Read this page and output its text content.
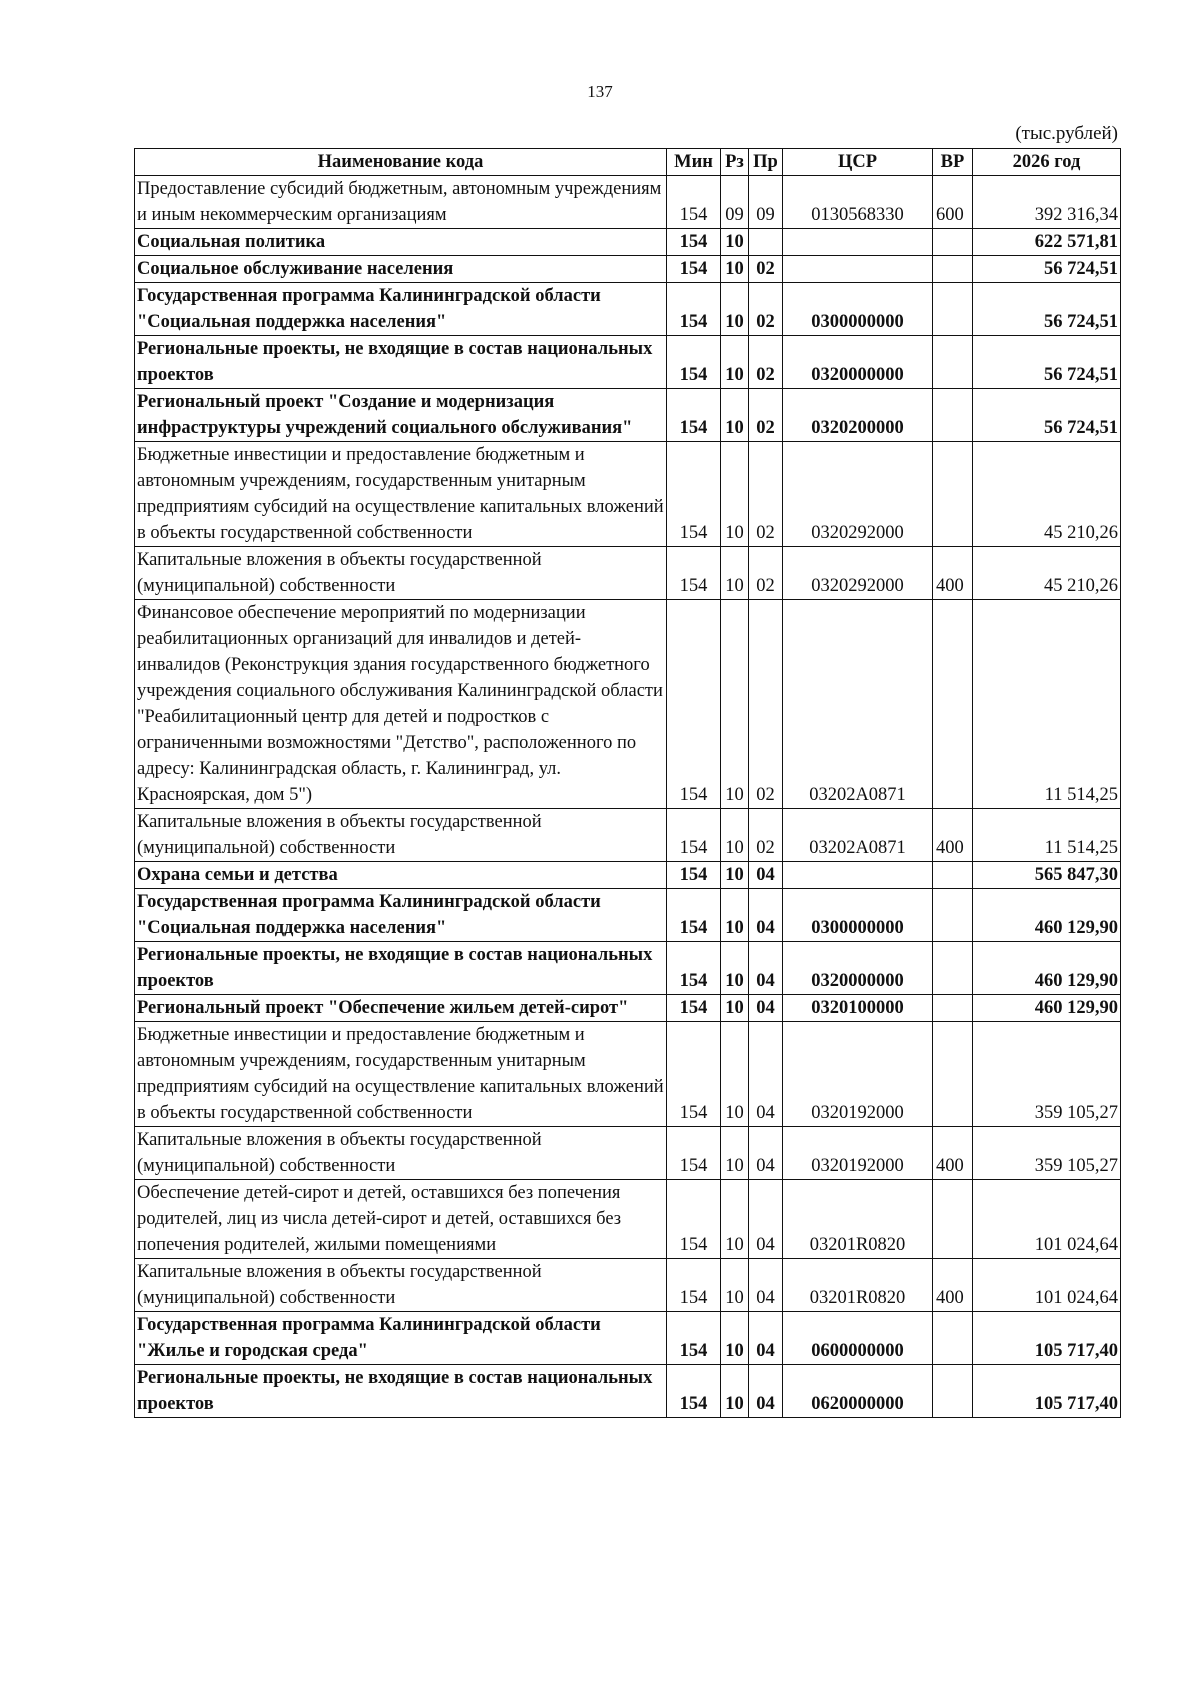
137
(тыс.рублей)
Наименование кода	Мин	Рз	Пр	ЦСР	ВР	2026 год
Предоставление субсидий бюджетным, автономным учреждениям и иным некоммерческим организациям	154	09	09	0130568330	600	392 316,34
Социальная политика	154	10				622 571,81
Социальное обслуживание населения	154	10	02			56 724,51
Государственная программа Калининградской области "Социальная поддержка населения"	154	10	02	0300000000		56 724,51
Региональные проекты, не входящие в состав национальных проектов	154	10	02	0320000000		56 724,51
Региональный проект "Создание и модернизация инфраструктуры учреждений социального обслуживания"	154	10	02	0320200000		56 724,51
Бюджетные инвестиции и предоставление бюджетным и автономным учреждениям, государственным унитарным предприятиям субсидий на осуществление капитальных вложений в объекты государственной собственности	154	10	02	0320292000		45 210,26
Капитальные вложения в объекты государственной (муниципальной) собственности	154	10	02	0320292000	400	45 210,26
Финансовое обеспечение мероприятий по модернизации реабилитационных организаций для инвалидов и детей-инвалидов (Реконструкция здания государственного бюджетного учреждения социального обслуживания Калининградской области "Реабилитационный центр для детей и подростков с ограниченными возможностями "Детство", расположенного по адресу: Калининградская область, г. Калининград, ул. Красноярская, дом 5")	154	10	02	03202A0871		11 514,25
Капитальные вложения в объекты государственной (муниципальной) собственности	154	10	02	03202A0871	400	11 514,25
Охрана семьи и детства	154	10	04			565 847,30
Государственная программа Калининградской области "Социальная поддержка населения"	154	10	04	0300000000		460 129,90
Региональные проекты, не входящие в состав национальных проектов	154	10	04	0320000000		460 129,90
Региональный проект "Обеспечение жильем детей-сирот"	154	10	04	0320100000		460 129,90
Бюджетные инвестиции и предоставление бюджетным и автономным учреждениям, государственным унитарным предприятиям субсидий на осуществление капитальных вложений в объекты государственной собственности	154	10	04	0320192000		359 105,27
Капитальные вложения в объекты государственной (муниципальной) собственности	154	10	04	0320192000	400	359 105,27
Обеспечение детей-сирот и детей, оставшихся без попечения родителей, лиц из числа детей-сирот и детей, оставшихся без попечения родителей, жилыми помещениями	154	10	04	03201R0820		101 024,64
Капитальные вложения в объекты государственной (муниципальной) собственности	154	10	04	03201R0820	400	101 024,64
Государственная программа Калининградской области "Жилье и городская среда"	154	10	04	0600000000		105 717,40
Региональные проекты, не входящие в состав национальных проектов	154	10	04	0620000000		105 717,40
